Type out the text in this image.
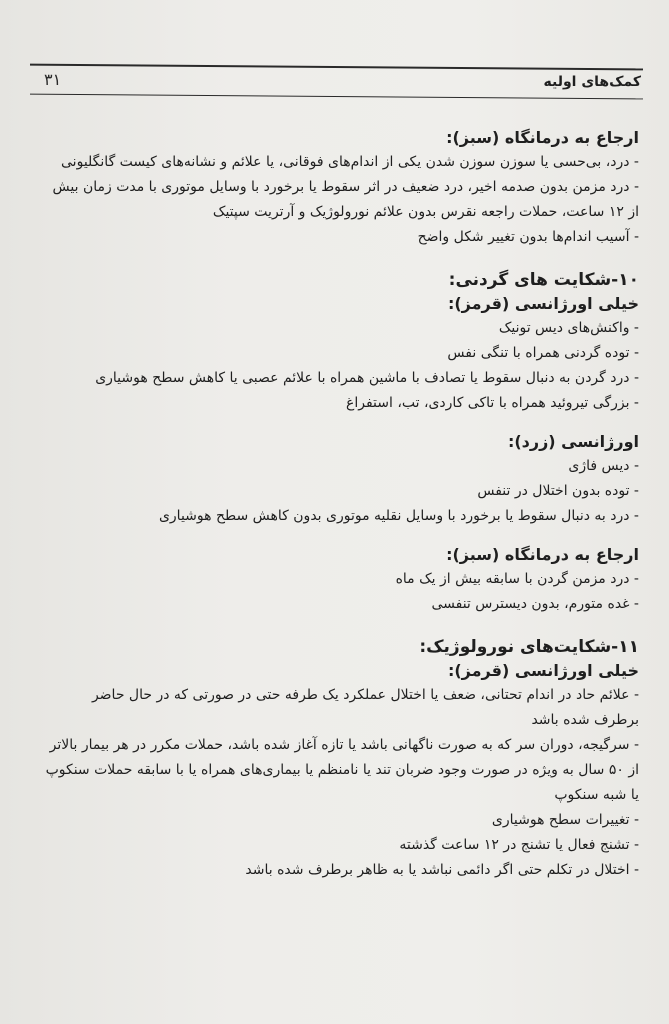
۳۱	کمک‌های اولیه

ارجاع به درمانگاه (سبز):

- درد، بی‌حسی یا سوزن سوزن شدن یکی از اندام‌های فوقانی، یا علائم و نشانه‌های کیست گانگلیونی

- درد مزمن بدون صدمه اخیر، درد ضعیف در اثر سقوط یا برخورد با وسایل موتوری با مدت زمان بیش

از ۱۲ ساعت، حملات راجعه نقرس بدون علائم نورولوژیک و آرتریت سپتیک

- آسیب اندام‌ها بدون تغییر شکل واضح

۱۰-شکایت های گردنی:

خیلی اورژانسی (قرمز):

- واکنش‌های دیس تونیک

- توده گردنی همراه با تنگی نفس

- درد گردن به دنبال سقوط یا تصادف با ماشین همراه با علائم عصبی یا کاهش سطح هوشیاری

- بزرگی تیروئید همراه با تاکی کاردی، تب، استفراغ

اورژانسی (زرد):

- دیس فاژی

- توده بدون اختلال در تنفس

- درد به دنبال سقوط یا برخورد با وسایل نقلیه موتوری بدون کاهش سطح هوشیاری

ارجاع به درمانگاه (سبز):

- درد مزمن گردن با سابقه بیش از یک ماه

- غده متورم، بدون دیسترس تنفسی

۱۱-شکایت‌های نورولوژیک:

خیلی اورژانسی (قرمز):

- علائم حاد در اندام تحتانی، ضعف یا اختلال عملکرد یک طرفه حتی در صورتی که در حال حاضر

برطرف شده باشد

- سرگیجه، دوران سر که به صورت ناگهانی باشد یا تازه آغاز شده باشد، حملات مکرر در هر بیمار بالاتر

از ۵۰ سال به ویژه در صورت وجود ضربان تند یا نامنظم یا بیماری‌های همراه یا با سابقه حملات سنکوپ

یا شبه سنکوپ

- تغییرات سطح هوشیاری

- تشنج فعال یا تشنج در ۱۲ ساعت گذشته

- اختلال در تکلم حتی اگر دائمی نباشد یا به ظاهر برطرف شده باشد
